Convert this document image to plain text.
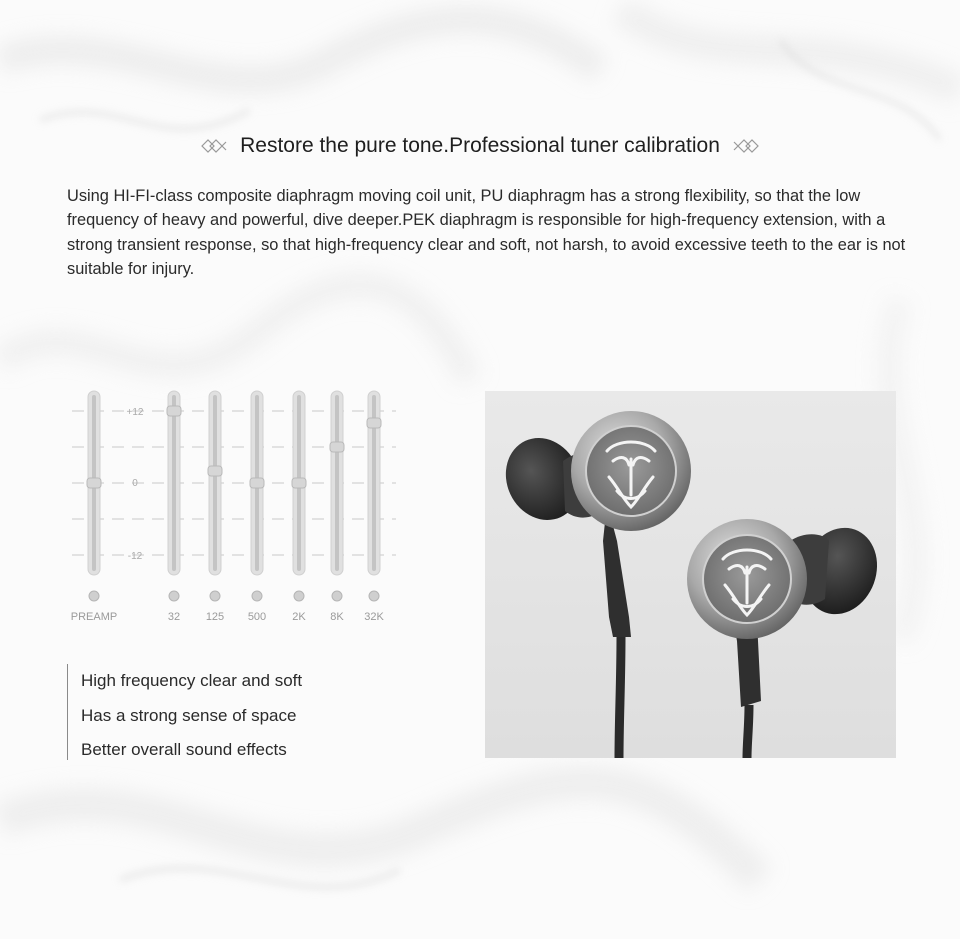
Restore the pure tone.Professional tuner calibration

Using HI-FI-class composite diaphragm moving coil unit, PU diaphragm has a strong flexibility, so that the low frequency of heavy and powerful, dive deeper.PEK diaphragm is responsible for high-frequency extension, with a strong transient response, so that high-frequency clear and soft, not harsh, to avoid excessive teeth to the ear is not suitable for injury.

+12
0
-12
PREAMP	32 125 500 2K 8K 32K
High frequency clear and soft
Has a strong sense of space
Better overall sound effects
